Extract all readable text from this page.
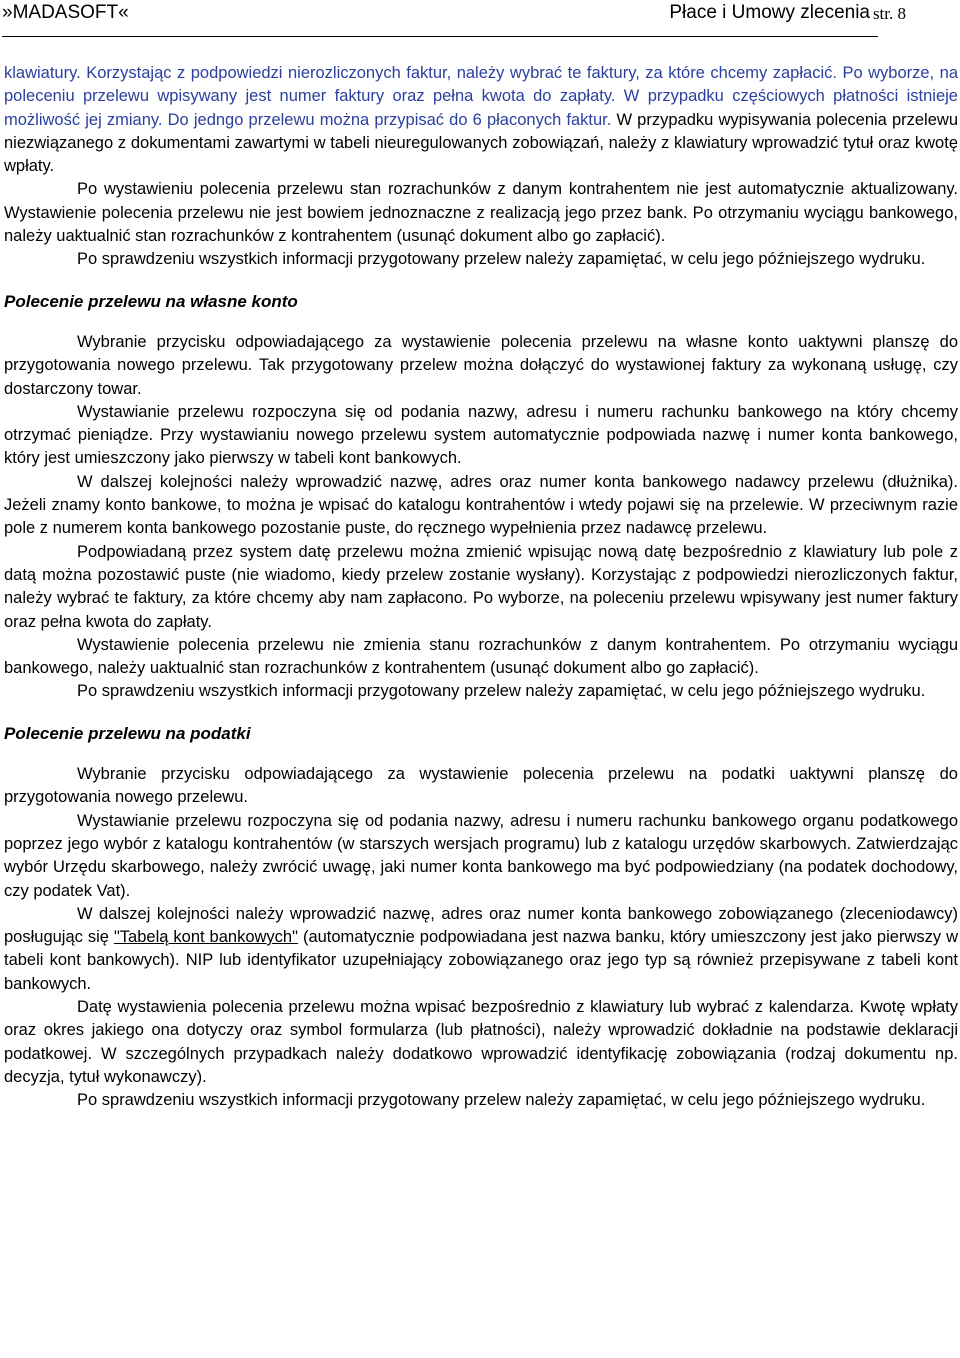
»MADASOFT«	Płace i Umowy zlecenia str. 8

klawiatury. Korzystając z podpowiedzi nierozliczonych faktur, należy wybrać te faktury, za które chcemy zapłacić. Po wyborze, na poleceniu przelewu wpisywany jest numer faktury oraz pełna kwota do zapłaty. W przypadku częściowych płatności istnieje możliwość jej zmiany. Do jedngo przelewu można przypisać do 6 płaconych faktur. W przypadku wypisywania polecenia przelewu niezwiązanego z dokumentami zawartymi w tabeli nieuregulowanych zobowiązań, należy z klawiatury wprowadzić tytuł oraz kwotę wpłaty.

Po wystawieniu polecenia przelewu stan rozrachunków z danym kontrahentem nie jest automatycznie aktualizowany. Wystawienie polecenia przelewu nie jest bowiem jednoznaczne z realizacją jego przez bank. Po otrzymaniu wyciągu bankowego, należy uaktualnić stan rozrachunków z kontrahentem (usunąć dokument albo go zapłacić).

Po sprawdzeniu wszystkich informacji przygotowany przelew należy zapamiętać, w celu jego późniejszego wydruku.

Polecenie przelewu na własne konto

Wybranie przycisku odpowiadającego za wystawienie polecenia przelewu na własne konto uaktywni planszę do przygotowania nowego przelewu. Tak przygotowany przelew można dołączyć do wystawionej faktury za wykonaną usługę, czy dostarczony towar.

Wystawianie przelewu rozpoczyna się od podania nazwy, adresu i numeru rachunku bankowego na który chcemy otrzymać pieniądze. Przy wystawianiu nowego przelewu system automatycznie podpowiada nazwę i numer konta bankowego, który jest umieszczony jako pierwszy w tabeli kont bankowych.

W dalszej kolejności należy wprowadzić nazwę, adres oraz numer konta bankowego nadawcy przelewu (dłużnika). Jeżeli znamy konto bankowe, to można je wpisać do katalogu kontrahentów i wtedy pojawi się na przelewie. W przeciwnym razie pole z numerem konta bankowego pozostanie puste, do ręcznego wypełnienia przez nadawcę przelewu.

Podpowiadaną przez system datę przelewu można zmienić wpisując nową datę bezpośrednio z klawiatury lub pole z datą można pozostawić puste (nie wiadomo, kiedy przelew zostanie wysłany). Korzystając z podpowiedzi nierozliczonych faktur, należy wybrać te faktury, za które chcemy aby nam zapłacono. Po wyborze, na poleceniu przelewu wpisywany jest numer faktury oraz pełna kwota do zapłaty.

Wystawienie polecenia przelewu nie zmienia stanu rozrachunków z danym kontrahentem. Po otrzymaniu wyciągu bankowego, należy uaktualnić stan rozrachunków z kontrahentem (usunąć dokument albo go zapłacić).

Po sprawdzeniu wszystkich informacji przygotowany przelew należy zapamiętać, w celu jego późniejszego wydruku.

Polecenie przelewu na podatki

Wybranie przycisku odpowiadającego za wystawienie polecenia przelewu na podatki uaktywni planszę do przygotowania nowego przelewu.

Wystawianie przelewu rozpoczyna się od podania nazwy, adresu i numeru rachunku bankowego organu podatkowego poprzez jego wybór z katalogu kontrahentów (w starszych wersjach programu) lub z katalogu urzędów skarbowych. Zatwierdzając wybór Urzędu skarbowego, należy zwrócić uwagę, jaki numer konta bankowego ma być podpowiedziany (na podatek dochodowy, czy podatek Vat).

W dalszej kolejności należy wprowadzić nazwę, adres oraz numer konta bankowego zobowiązanego (zleceniodawcy) posługując się "Tabelą kont bankowych" (automatycznie podpowiadana jest nazwa banku, który umieszczony jest jako pierwszy w tabeli kont bankowych). NIP lub identyfikator uzupełniający zobowiązanego oraz jego typ są również przepisywane z tabeli kont bankowych.

Datę wystawienia polecenia przelewu można wpisać bezpośrednio z klawiatury lub wybrać z kalendarza. Kwotę wpłaty oraz okres jakiego ona dotyczy oraz symbol formularza (lub płatności), należy wprowadzić dokładnie na podstawie deklaracji podatkowej. W szczególnych przypadkach należy dodatkowo wprowadzić identyfikację zobowiązania (rodzaj dokumentu np. decyzja, tytuł wykonawczy).

Po sprawdzeniu wszystkich informacji przygotowany przelew należy zapamiętać, w celu jego późniejszego wydruku.
